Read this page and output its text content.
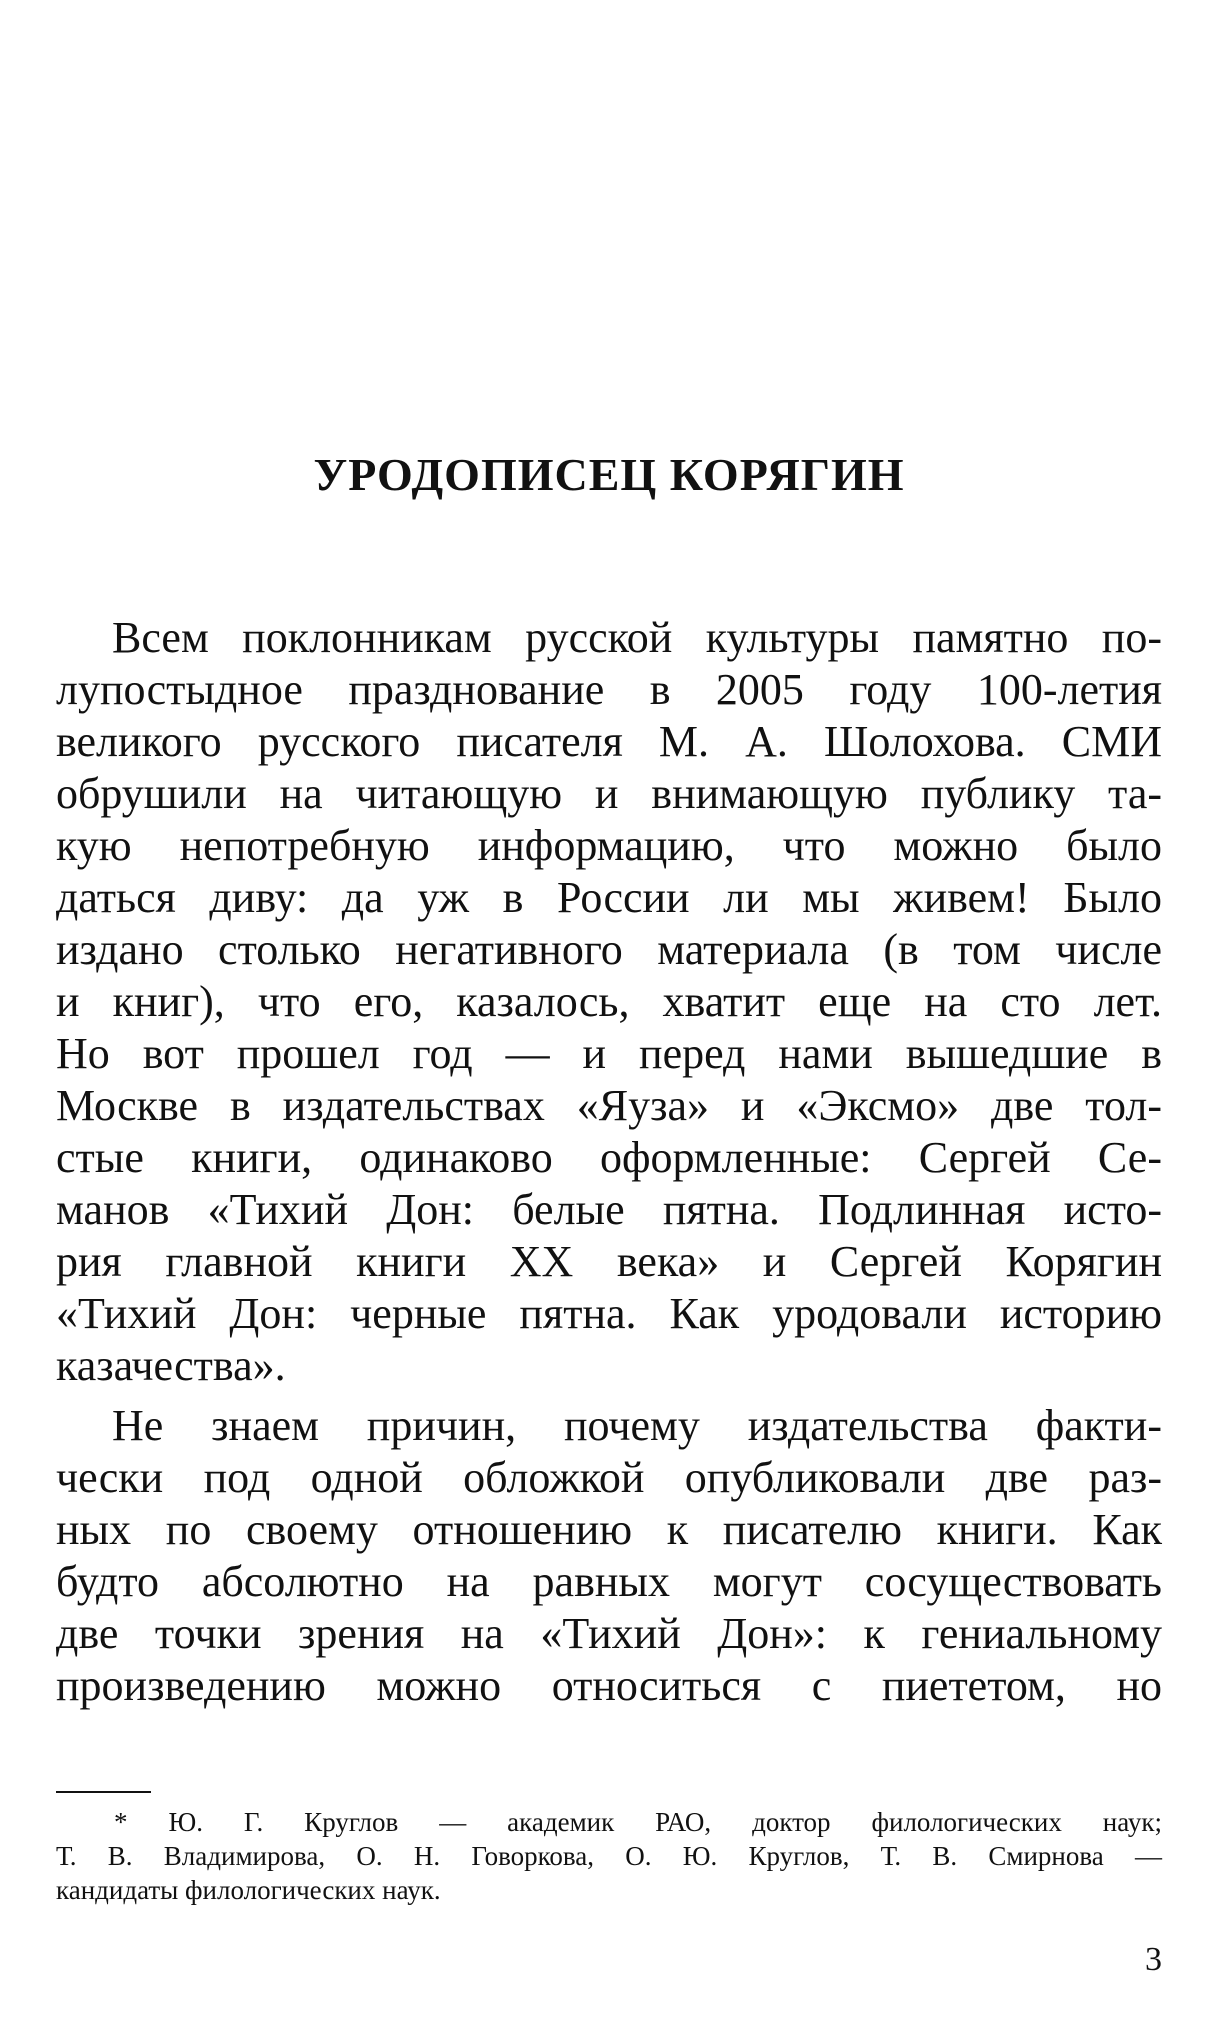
УРОДОПИСЕЦ КОРЯГИН
Всем поклонникам русской культуры памятно по-
лупостыдное празднование в 2005 году 100-летия
великого русского писателя М. А. Шолохова. СМИ
обрушили на читающую и внимающую публику та-
кую непотребную информацию, что можно было
даться диву: да уж в России ли мы живем! Было
издано столько негативного материала (в том числе
и книг), что его, казалось, хватит еще на сто лет.
Но вот прошел год — и перед нами вышедшие в
Москве в издательствах «Яуза» и «Эксмо» две тол-
стые книги, одинаково оформленные: Сергей Се-
манов «Тихий Дон: белые пятна. Подлинная исто-
рия главной книги XX века» и Сергей Корягин
«Тихий Дон: черные пятна. Как уродовали историю
казачества».
Не знаем причин, почему издательства факти-
чески под одной обложкой опубликовали две раз-
ных по своему отношению к писателю книги. Как
будто абсолютно на равных могут сосуществовать
две точки зрения на «Тихий Дон»: к гениальному
произведению можно относиться с пиететом, но
* Ю. Г. Круглов — академик РАО, доктор филологических наук;
Т. В. Владимирова, О. Н. Говоркова, О. Ю. Круглов, Т. В. Смирнова —
кандидаты филологических наук.
3
